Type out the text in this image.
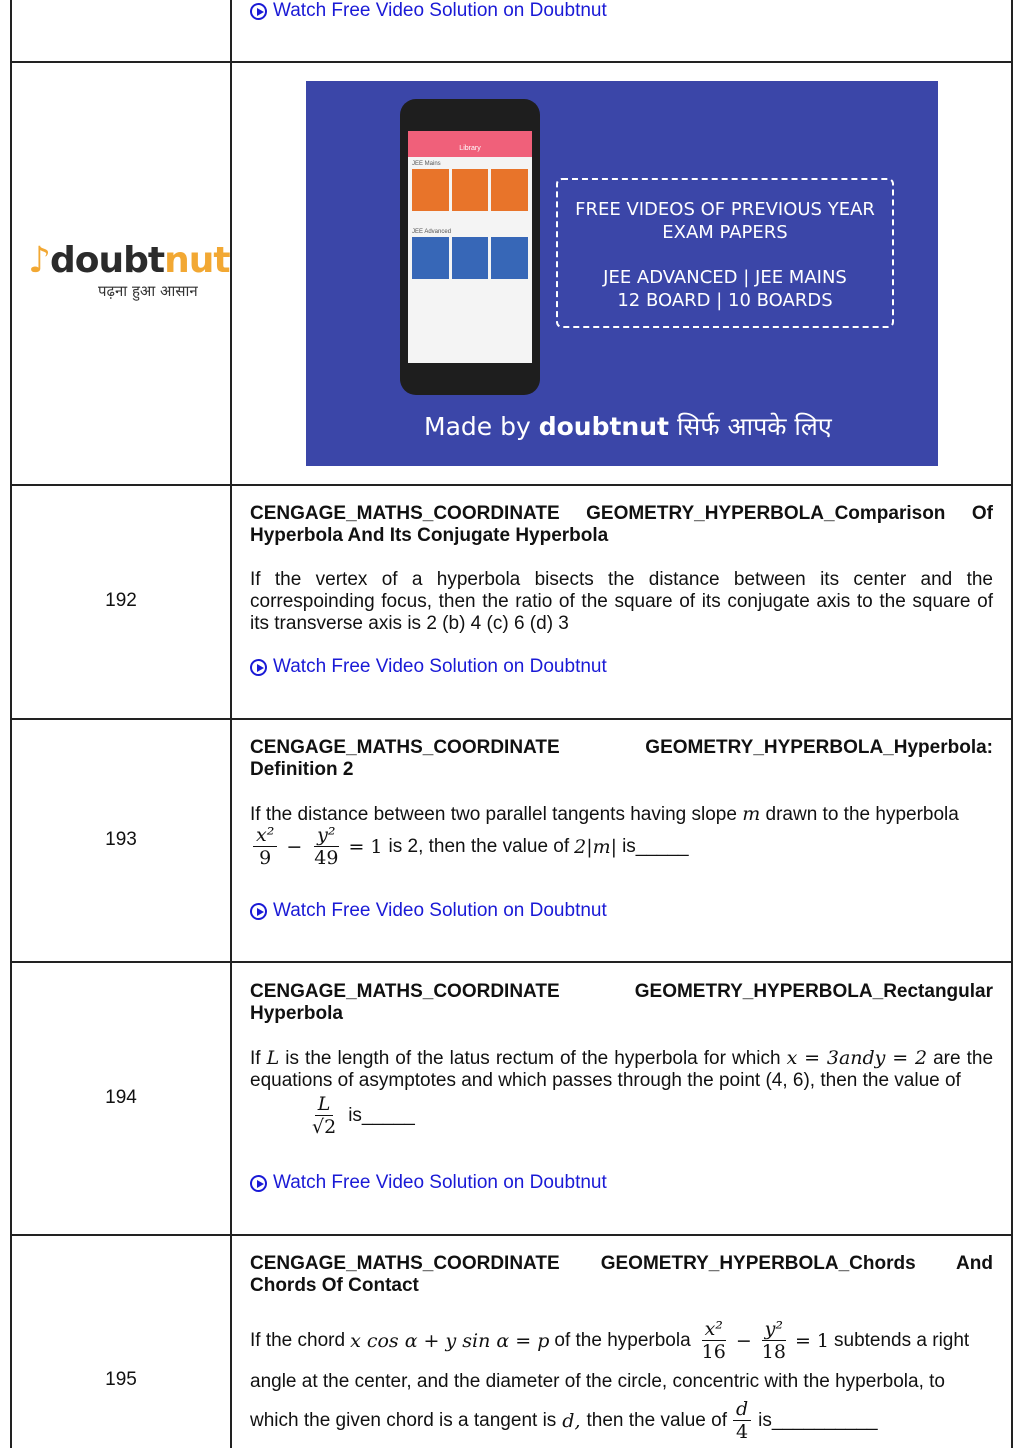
Watch Free Video Solution on Doubtnut
♪doubtnut
पढ़ना हुआ आसान
Library
JEE Mains
JEE Advanced
FREE VIDEOS OF PREVIOUS YEAR
EXAM PAPERS
JEE ADVANCED | JEE MAINS
12 BOARD | 10 BOARDS
Made by doubtnut सिर्फ आपके लिए
192
CENGAGE_MATHS_COORDINATE GEOMETRY_HYPERBOLA_Comparison Of Hyperbola And Its Conjugate Hyperbola
If the vertex of a hyperbola bisects the distance between its center and the correspoinding focus, then the ratio of the square of its conjugate axis to the square of its transverse axis is 2 (b) 4 (c) 6 (d) 3
Watch Free Video Solution on Doubtnut
193
CENGAGE_MATHS_COORDINATE GEOMETRY_HYPERBOLA_Hyperbola: Definition 2
If the distance between two parallel tangents having slope m drawn to the hyperbola
$\frac{\text{x²}}{9} - \frac{\text{y²}}{49} = 1$ is 2, then the value of 2|m| is_____
Watch Free Video Solution on Doubtnut
194
CENGAGE_MATHS_COORDINATE GEOMETRY_HYPERBOLA_Rectangular Hyperbola
If L is the length of the latus rectum of the hyperbola for which x = 3andy = 2 are the equations of asymptotes and which passes through the point (4, 6), then the value of
$\frac{L}{√2}$ is_____
Watch Free Video Solution on Doubtnut
195
CENGAGE_MATHS_COORDINATE GEOMETRY_HYPERBOLA_Chords And Chords Of Contact
If the chord x cos α + y sin α = p of the hyperbola $\frac{\text{x²}}{16} - \frac{\text{y²}}{18} = 1$ subtends a right
angle at the center, and the diameter of the circle, concentric with the hyperbola, to
which the given chord is a tangent is d, then the value of $\frac{d}{4}$ is__________
